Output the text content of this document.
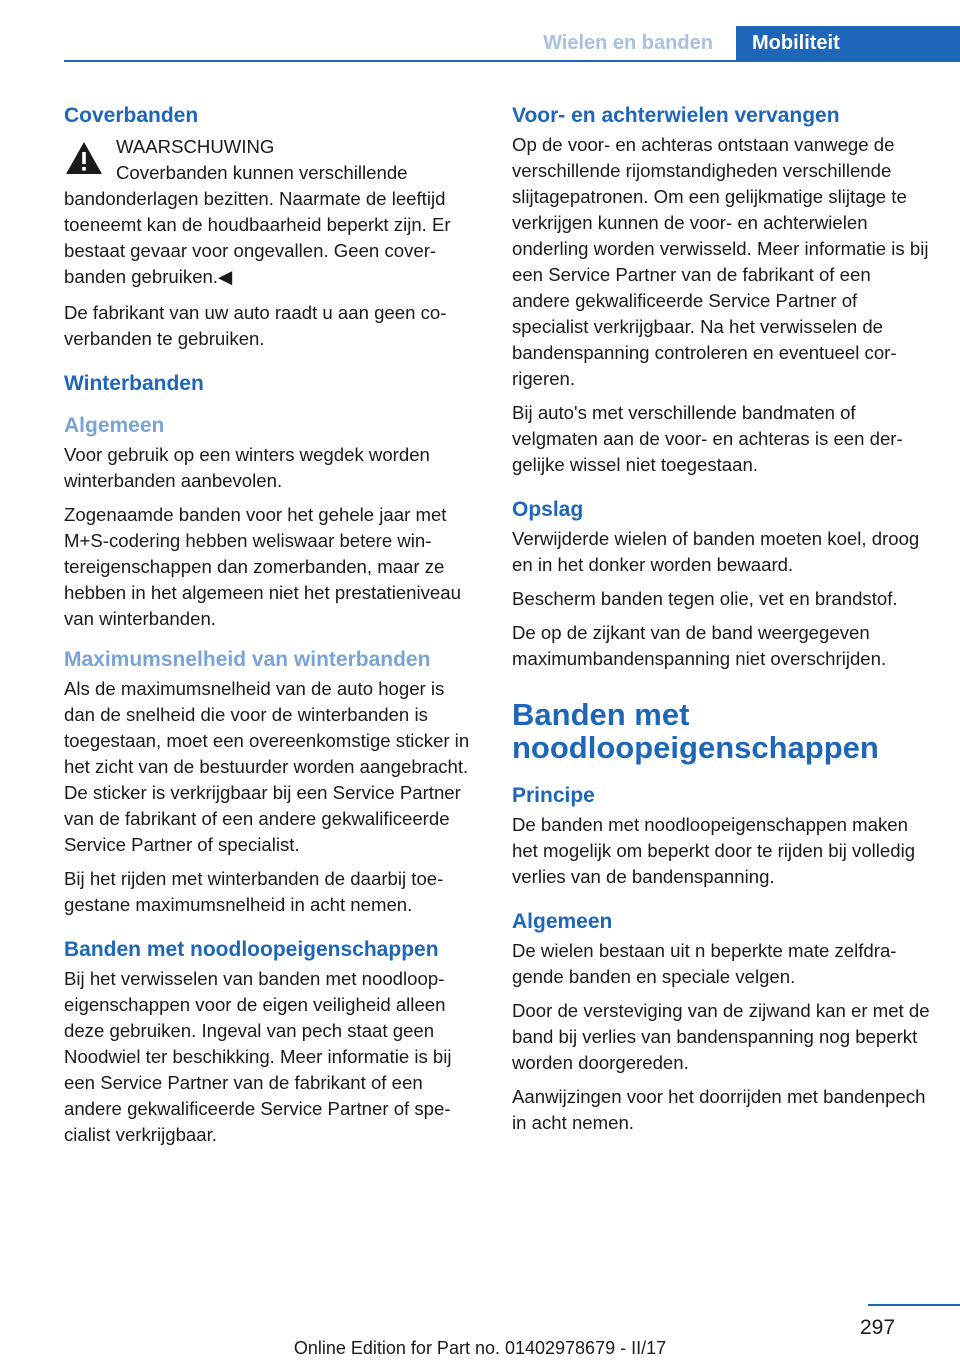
Wielen en banden	Mobiliteit
Coverbanden
WAARSCHUWING
Coverbanden kunnen verschillende bandonderlagen bezitten. Naarmate de leeftijd toeneemt kan de houdbaarheid beperkt zijn. Er bestaat gevaar voor ongevallen. Geen coverbanden gebruiken.◀

De fabrikant van uw auto raadt u aan geen coverbanden te gebruiken.

Winterbanden
Algemeen

Voor gebruik op een winters wegdek worden winterbanden aanbevolen.

Zogenaamde banden voor het gehele jaar met M+S-codering hebben weliswaar betere wintereigenschappen dan zomerbanden, maar ze hebben in het algemeen niet het prestatieniveau van winterbanden.

Maximumsnelheid van winterbanden

Als de maximumsnelheid van de auto hoger is dan de snelheid die voor de winterbanden is toegestaan, moet een overeenkomstige sticker in het zicht van de bestuurder worden aangebracht. De sticker is verkrijgbaar bij een Service Partner van de fabrikant of een andere gekwalificeerde Service Partner of specialist.

Bij het rijden met winterbanden de daarbij toegestane maximumsnelheid in acht nemen.

Banden met noodloopeigenschappen

Bij het verwisselen van banden met noodloopeigenschappen voor de eigen veiligheid alleen deze gebruiken. Ingeval van pech staat geen Noodwiel ter beschikking. Meer informatie is bij een Service Partner van de fabrikant of een andere gekwalificeerde Service Partner of specialist verkrijgbaar.

Voor- en achterwielen vervangen

Op de voor- en achteras ontstaan vanwege de verschillende rijomstandigheden verschillende slijtagepatronen. Om een gelijkmatige slijtage te verkrijgen kunnen de voor- en achterwielen onderling worden verwisseld. Meer informatie is bij een Service Partner van de fabrikant of een andere gekwalificeerde Service Partner of specialist verkrijgbaar. Na het verwisselen de bandenspanning controleren en eventueel corrigeren.

Bij auto's met verschillende bandmaten of velgmaten aan de voor- en achteras is een dergelijke wissel niet toegestaan.

Opslag

Verwijderde wielen of banden moeten koel, droog en in het donker worden bewaard.

Bescherm banden tegen olie, vet en brandstof.

De op de zijkant van de band weergegeven maximumbandenspanning niet overschrijden.

Banden met noodloopeigenschappen
Principe

De banden met noodloopeigenschappen maken het mogelijk om beperkt door te rijden bij volledig verlies van de bandenspanning.

Algemeen

De wielen bestaan uit n beperkte mate zelfdragende banden en speciale velgen.

Door de versteviging van de zijwand kan er met de band bij verlies van bandenspanning nog beperkt worden doorgereden.

Aanwijzingen voor het doorrijden met bandenpech in acht nemen.

297
Online Edition for Part no. 01402978679 - II/17
